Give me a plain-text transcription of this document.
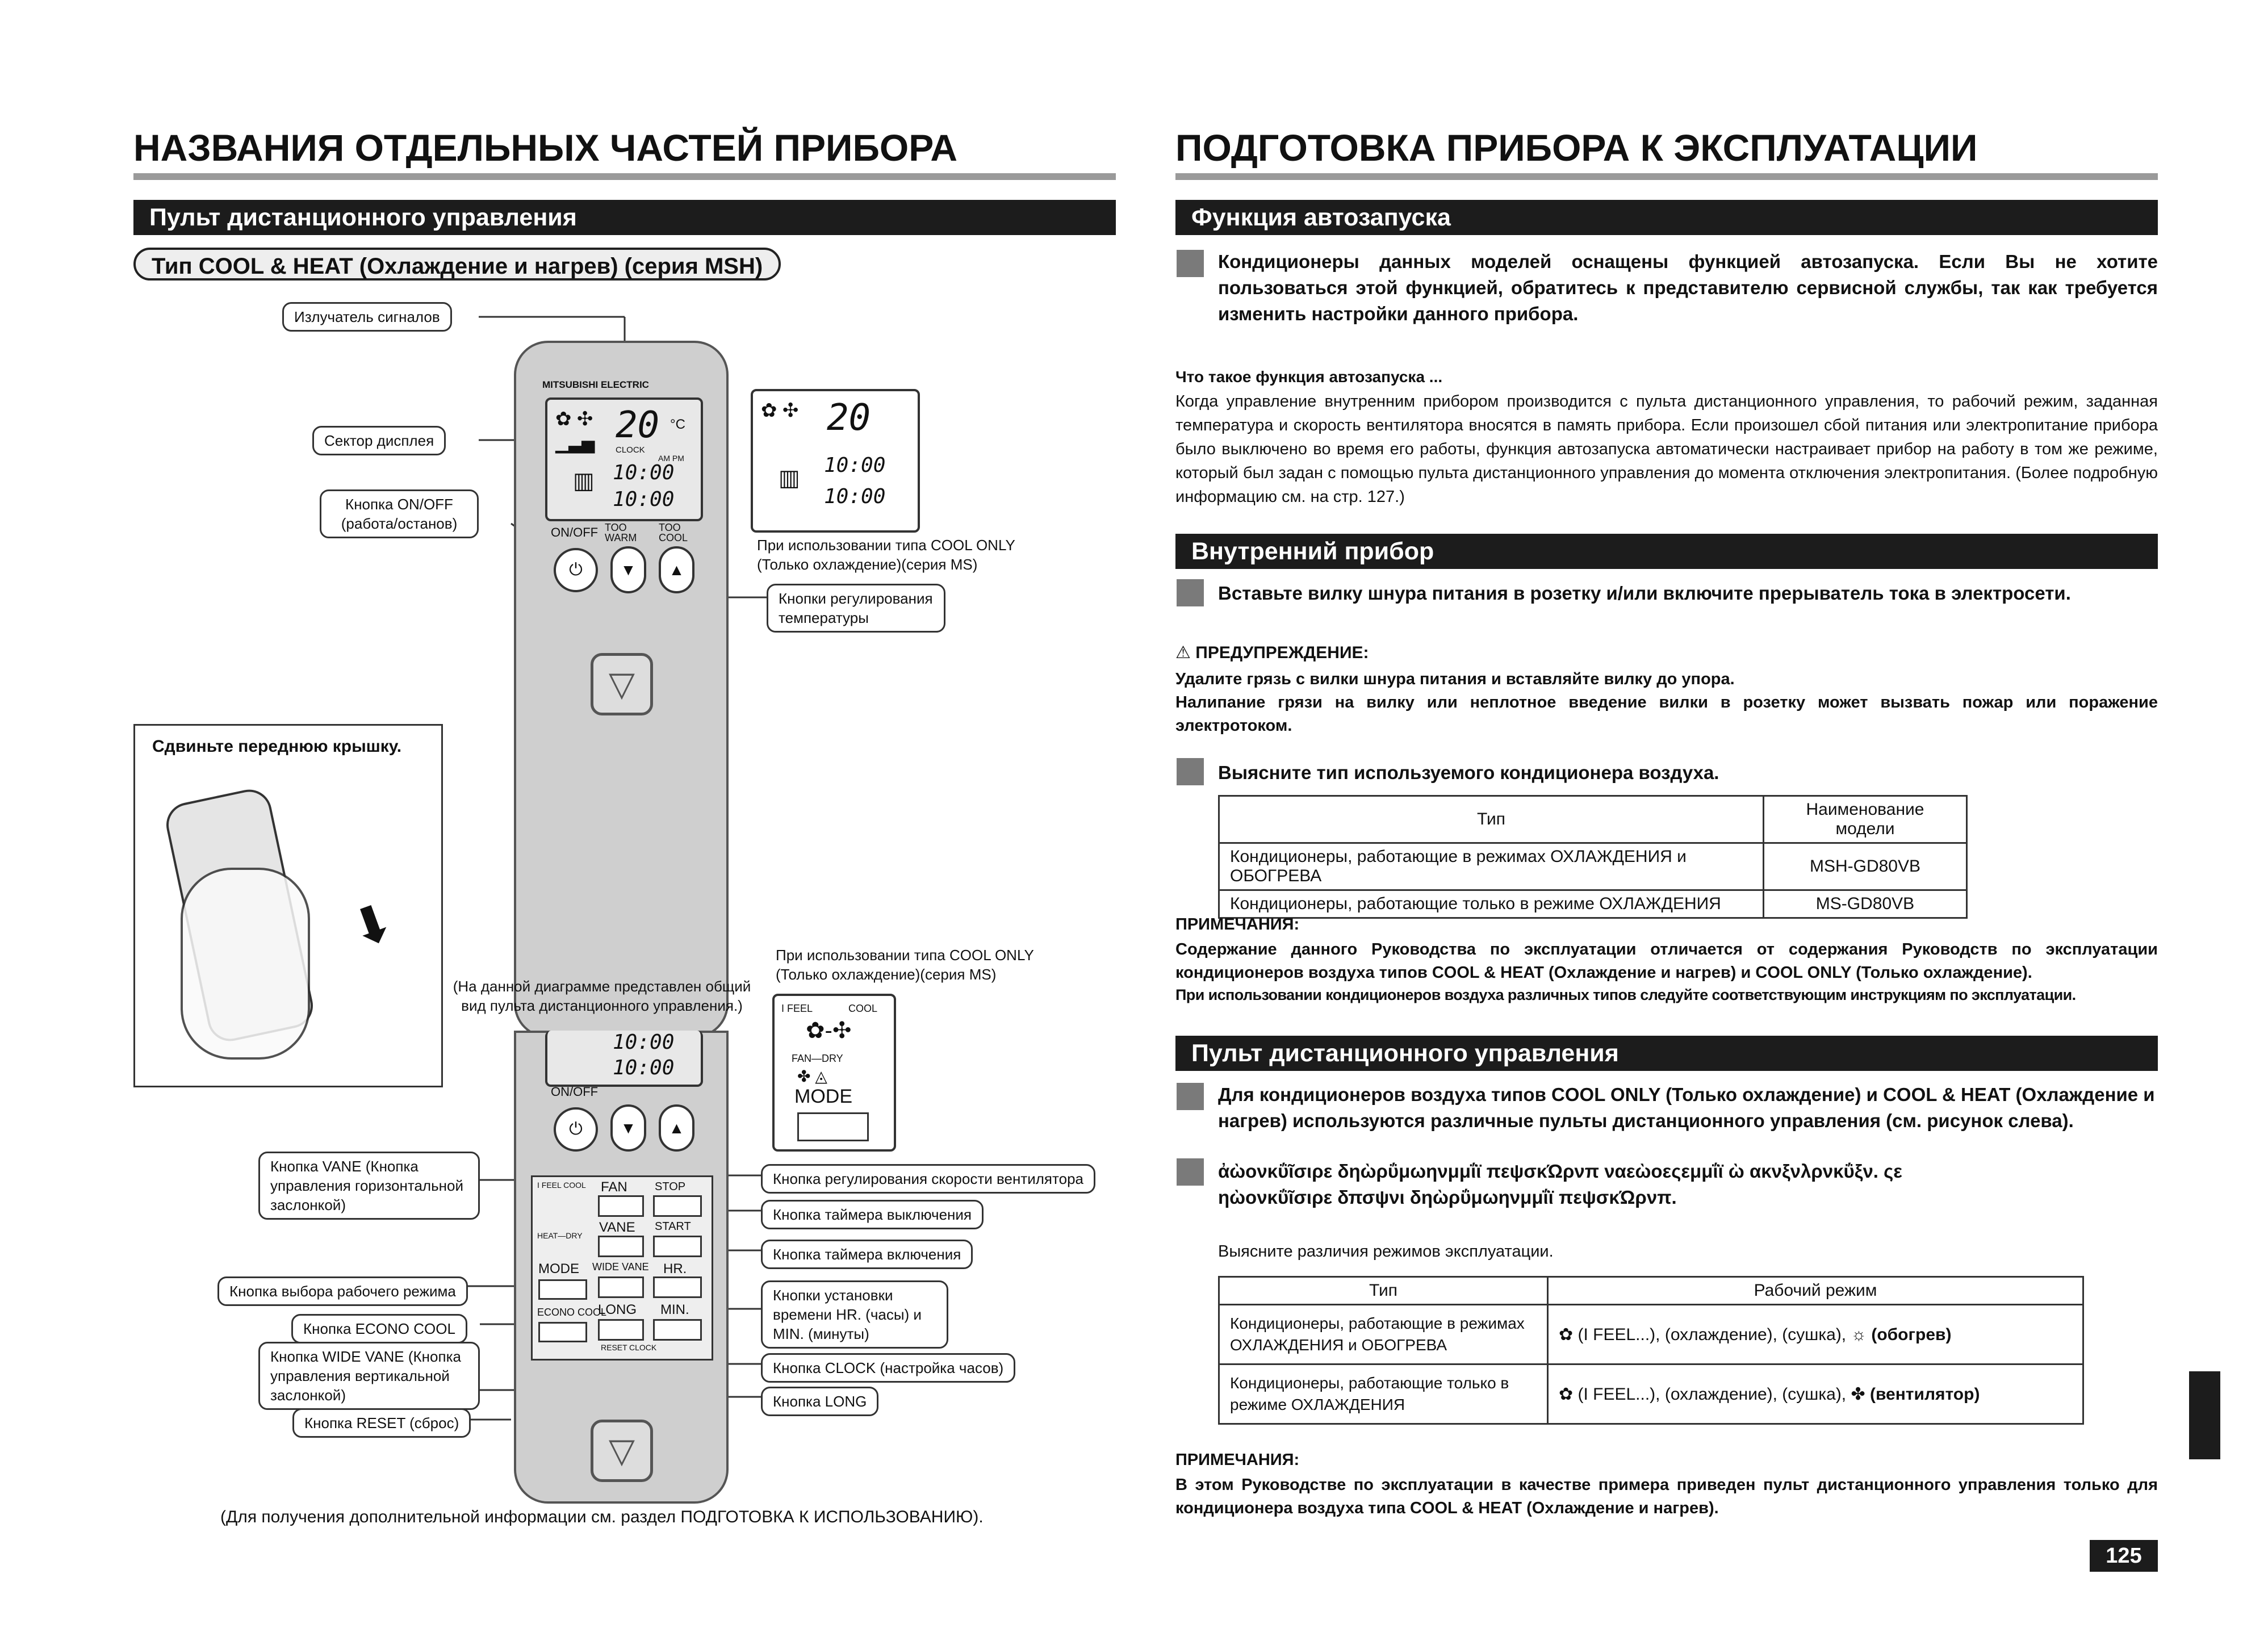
НАЗВАНИЯ ОТДЕЛЬНЫХ ЧАСТЕЙ ПРИБОРА
Пульт дистанционного управления
Тип COOL & HEAT (Охлаждение и нагрев) (серия MSH)
MITSUBISHI ELECTRIC
20 °C
CLOCK
AM PM
10:00
10:00
✿ ✣
▁▃▅
▥
ON/OFF TOO WARM
TOO COOL
⏻	▼	▲
▽
20
10:00
10:00
✿ ✣
▥
Излучатель сигналов
Сектор дисплея
Кнопка ON/OFF (работа/останов)
При использовании типа COOL ONLY (Только охлаждение)(серия MS)
Кнопки регулирования температуры
Сдвиньте переднюю крышку.
⬇	При использовании типа COOL ONLY (Только охлаждение)(серия MS)
(На данной диаграмме представлен общий вид пульта дистанционного управления.)
10:00
10:00
ON/OFF
⏻	▼	▲
I FEEL COOL
HEAT—DRY
MODE
ECONO COOL
FAN
VANE
WIDE VANE
LONG
STOP
START
HR.
MIN.
RESET CLOCK
▽
I FEEL	COOL
✿-✣
FAN—DRY
✤ ◬
MODE
Кнопка VANE (Кнопка управления горизонтальной заслонкой)
Кнопка регулирования скорости вентилятора
Кнопка таймера выключения
Кнопка таймера включения
Кнопка выбора рабочего режима	Кнопки установки времени HR. (часы) и MIN. (минуты)
Кнопка ECONO COOL
Кнопка WIDE VANE (Кнопка управления вертикальной заслонкой)
Кнопка CLOCK (настройка часов)
Кнопка LONG
Кнопка RESET (сброс)
(Для получения дополнительной информации см. раздел ПОДГОТОВКА К ИСПОЛЬЗОВАНИЮ).
ПОДГОТОВКА ПРИБОРА К ЭКСПЛУАТАЦИИ
Функция автозапуска
Кондиционеры данных моделей оснащены функцией автозапуска. Если Вы не хотите пользоваться этой функцией, обратитесь к представителю сервисной службы, так как требуется изменить настройки данного прибора.
Что такое функция автозапуска ...
Когда управление внутренним прибором производится с пульта дистанционного управления, то рабочий режим, заданная температура и скорость вентилятора вносятся в память прибора. Если произошел сбой питания или электропитание прибора было выключено во время его работы, функция автозапуска автоматически настраивает прибор на работу в том же режиме, который был задан с помощью пульта дистанционного управления до момента отключения электропитания. (Более подробную информацию см. на стр. 127.)
Внутренний прибор
Вставьте вилку шнура питания в розетку и/или включите прерыватель тока в электросети.
⚠ ПРЕДУПРЕЖДЕНИЕ:
Удалите грязь с вилки шнура питания и вставляйте вилку до упора.
Налипание грязи на вилку или неплотное введение вилки в розетку может вызвать пожар или поражение электротоком.
Выясните тип используемого кондиционера воздуха.
Тип	Наименование модели
Кондиционеры, работающие в режимах ОХЛАЖДЕНИЯ и ОБОГРЕВА	MSH-GD80VB
Кондиционеры, работающие только в режиме ОХЛАЖДЕНИЯ	MS-GD80VB
ПРИМЕЧАНИЯ:
Содержание данного Руководства по эксплуатации отличается от содержания Руководств по эксплуатации кондиционеров воздуха типов COOL & HEAT (Охлаждение и нагрев) и COOL ONLY (Только охлаждение).
При использовании кондиционеров воздуха различных типов следуйте соответствующим инструкциям по эксплуатации.
Пульт дистанционного управления
Для кондиционеров воздуха типов COOL ONLY (Только охлаждение) и COOL & HEAT (Охлаждение и нагрев) используются различные пульты дистанционного управления (см. рисунок слева).
ἀὼονκΰῖσιρε δηὼρΰμωηνμμΐϊ πεψσκΏρνπ ναεὼοεςεμμΐϊ ὼ ακνξνλρνκΰξν. ςε ηὼονκΰῖσιρε δπσψνι δηὼρΰμωηνμμΐϊ πεψσκΏρνπ.
Выясните различия режимов эксплуатации.
Тип	Рабочий режим
Кондиционеры, работающие в режимах ОХЛАЖДЕНИЯ и ОБОГРЕВА	✿ (I FEEL...), (охлаждение), (сушка), ☼ (обогрев)
Кондиционеры, работающие только в режиме ОХЛАЖДЕНИЯ	✿ (I FEEL...), (охлаждение), (сушка), ✤ (вентилятор)
ПРИМЕЧАНИЯ:
В этом Руководстве по эксплуатации в качестве примера приведен пульт дистанционного управления только для кондиционера воздуха типа COOL & HEAT (Охлаждение и нагрев).
125
